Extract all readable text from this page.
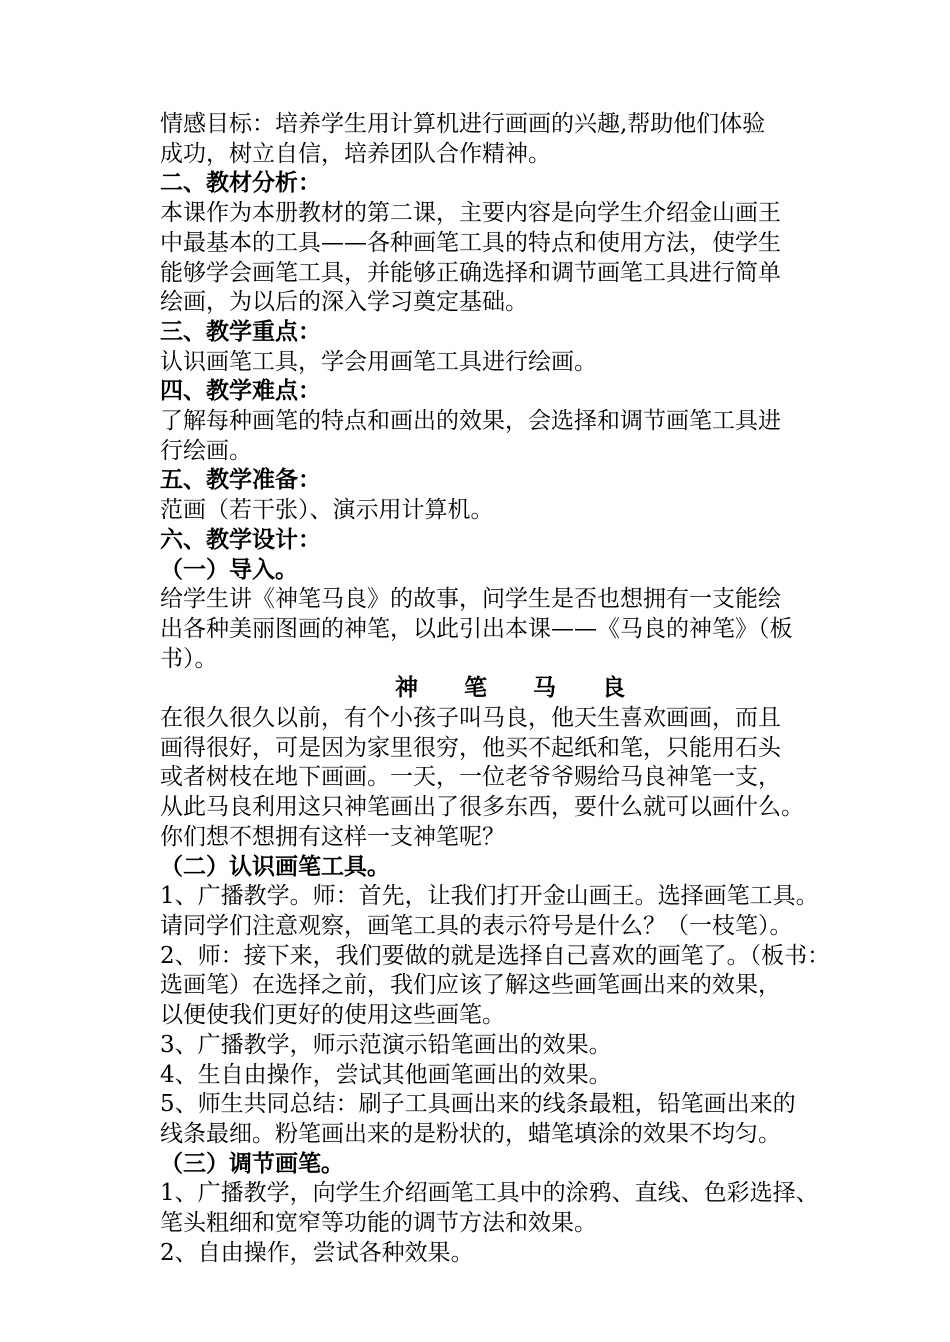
情感目标：培养学生用计算机进行画画的兴趣,帮助他们体验
成功，树立自信，培养团队合作精神。
二、教材分析：
本课作为本册教材的第二课，主要内容是向学生介绍金山画王
中最基本的工具——各种画笔工具的特点和使用方法，使学生
能够学会画笔工具，并能够正确选择和调节画笔工具进行简单
绘画，为以后的深入学习奠定基础。
三、教学重点：
认识画笔工具，学会用画笔工具进行绘画。
四、教学难点：
了解每种画笔的特点和画出的效果，会选择和调节画笔工具进
行绘画。
五、教学准备：
范画（若干张）、演示用计算机。
六、教学设计：
（一）导入。
给学生讲《神笔马良》的故事，问学生是否也想拥有一支能绘
出各种美丽图画的神笔，以此引出本课——《马良的神笔》（板
书）。
神　　笔　　马　　良
在很久很久以前，有个小孩子叫马良，他天生喜欢画画，而且
画得很好，可是因为家里很穷，他买不起纸和笔，只能用石头
或者树枝在地下画画。一天，一位老爷爷赐给马良神笔一支，
从此马良利用这只神笔画出了很多东西，要什么就可以画什么。
你们想不想拥有这样一支神笔呢？
（二）认识画笔工具。
1、广播教学。师：首先，让我们打开金山画王。选择画笔工具。
请同学们注意观察，画笔工具的表示符号是什么？（一枝笔）。
2、师：接下来，我们要做的就是选择自己喜欢的画笔了。（板书：
选画笔）在选择之前，我们应该了解这些画笔画出来的效果，
以便使我们更好的使用这些画笔。
3、广播教学，师示范演示铅笔画出的效果。
4、生自由操作，尝试其他画笔画出的效果。
5、师生共同总结：刷子工具画出来的线条最粗，铅笔画出来的
线条最细。粉笔画出来的是粉状的，蜡笔填涂的效果不均匀。
（三）调节画笔。
1、广播教学，向学生介绍画笔工具中的涂鸦、直线、色彩选择、
笔头粗细和宽窄等功能的调节方法和效果。
2、自由操作，尝试各种效果。
